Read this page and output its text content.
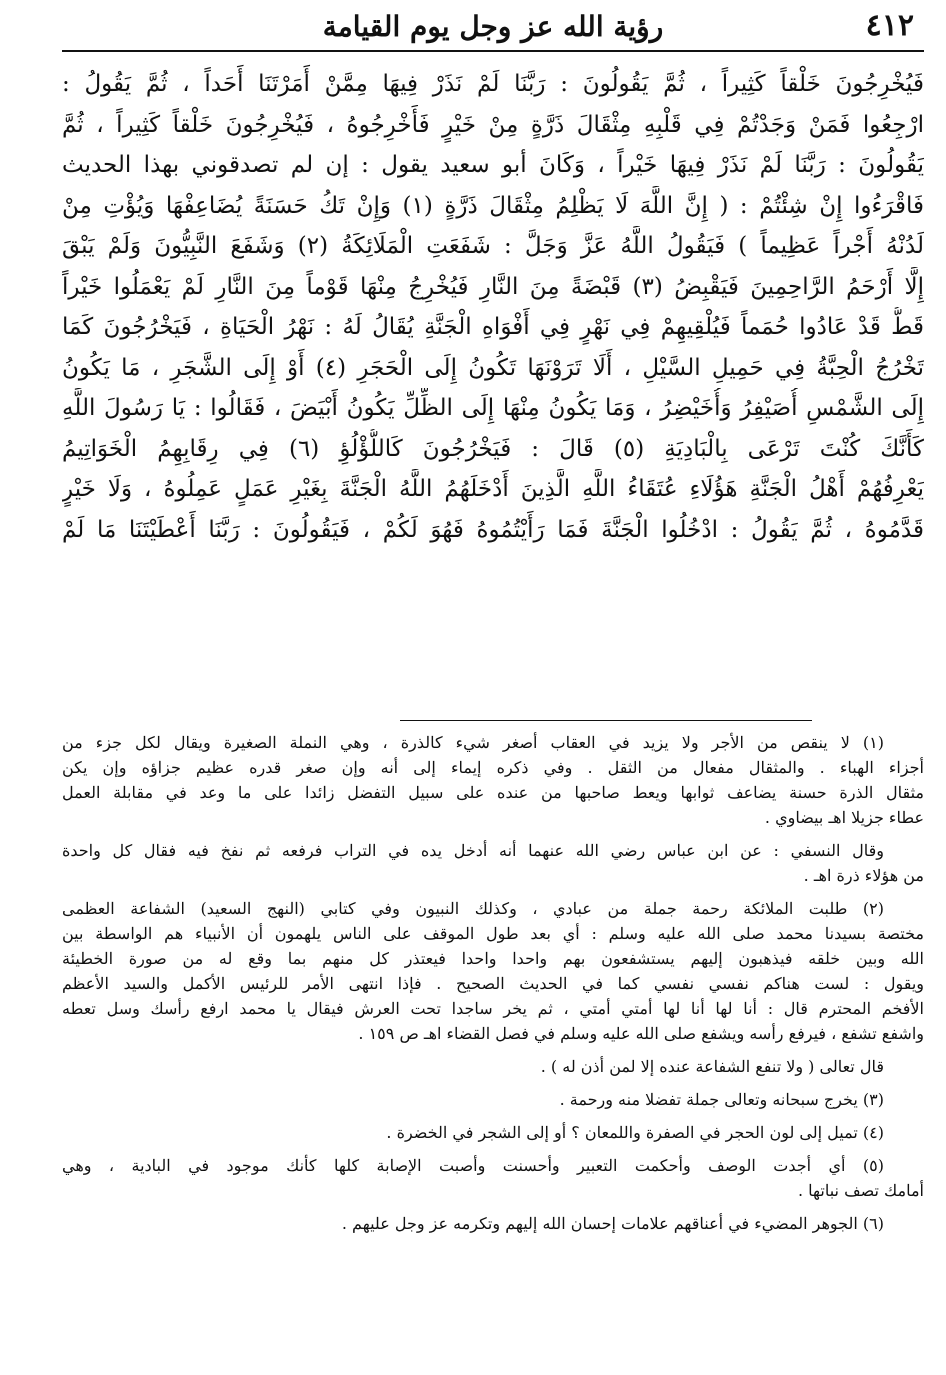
٤١٢
رؤية الله عز وجل يوم القيامة
فَيُخْرِجُونَ خَلْقاً كَثِيراً ، ثُمَّ يَقُولُونَ : رَبَّنَا لَمْ نَذَرْ فِيهَا مِمَّنْ أَمَرْتَنَا أَحَداً ، ثُمَّ يَقُولُ :
ارْجِعُوا فَمَنْ وَجَدْتُمْ فِي قَلْبِهِ مِثْقَالَ ذَرَّةٍ مِنْ خَيْرٍ فَأَخْرِجُوهُ ، فَيُخْرِجُونَ خَلْقاً كَثِيراً ، ثُمَّ
يَقُولُونَ : رَبَّنَا لَمْ نَذَرْ فِيهَا خَيْراً ، وَكَانَ أبو سعيد يقول : إن لم تصدقوني بهذا الحديث
فَاقْرَءُوا إِنْ شِئْتُمْ : ( إِنَّ اللَّهَ لَا يَظْلِمُ مِثْقَالَ ذَرَّةٍ (١) وَإِنْ تَكُ حَسَنَةً يُضَاعِفْهَا وَيُؤْتِ مِنْ
لَدُنْهُ أَجْراً عَظِيماً ) فَيَقُولُ اللَّهُ عَزَّ وَجَلَّ : شَفَعَتِ الْمَلَائِكَةُ (٢) وَشَفَعَ النَّبِيُّونَ وَلَمْ يَبْقَ
إِلَّا أَرْحَمُ الرَّاحِمِينَ فَيَقْبِضُ (٣) قَبْضَةً مِنَ النَّارِ فَيُخْرِجُ مِنْهَا قَوْماً مِنَ النَّارِ لَمْ يَعْمَلُوا خَيْراً
قَطُّ قَدْ عَادُوا حُمَماً فَيُلْقِيهِمْ فِي نَهْرٍ فِي أَفْوَاهِ الْجَنَّةِ يُقَالُ لَهُ : نَهْرُ الْحَيَاةِ ، فَيَخْرُجُونَ كَمَا
تَخْرُجُ الْحِبَّةُ فِي حَمِيلِ السَّيْلِ ، أَلَا تَرَوْنَهَا تَكُونُ إِلَى الْحَجَرِ (٤) أَوْ إِلَى الشَّجَرِ ، مَا يَكُونُ
إِلَى الشَّمْسِ أُصَيْفِرُ وَأُخَيْضِرُ ، وَمَا يَكُونُ مِنْهَا إِلَى الظِّلِّ يَكُونُ أَبْيَضَ ، فَقَالُوا : يَا رَسُولَ اللَّهِ
كَأَنَّكَ كُنْتَ تَرْعَى بِالْبَادِيَةِ (٥) قَالَ : فَيَخْرُجُونَ كَاللُّؤْلُؤِ (٦) فِي رِقَابِهِمُ الْخَوَاتِيمُ
يَعْرِفُهُمْ أَهْلُ الْجَنَّةِ هَؤُلَاءِ عُتَقَاءُ اللَّهِ الَّذِينَ أَدْخَلَهُمُ اللَّهُ الْجَنَّةَ بِغَيْرِ عَمَلٍ عَمِلُوهُ ، وَلَا خَيْرٍ
قَدَّمُوهُ ، ثُمَّ يَقُولُ : ادْخُلُوا الْجَنَّةَ فَمَا رَأَيْتُمُوهُ فَهُوَ لَكُمْ ، فَيَقُولُونَ : رَبَّنَا أَعْطَيْتَنَا مَا لَمْ
(١) لا ينقص من الأجر ولا يزيد في العقاب أصغر شيء كالذرة ، وهي النملة الصغيرة ويقال لكل جزء من
أجزاء الهباء . والمثقال مفعال من الثقل . وفي ذكره إيماء إلى أنه وإن صغر قدره عظيم جزاؤه وإن يكن
مثقال الذرة حسنة يضاعف ثوابها ويعط صاحبها من عنده على سبيل التفضل زائدا على ما وعد في مقابلة العمل
عطاء جزيلا اهـ بيضاوي .
وقال النسفي : عن ابن عباس رضي الله عنهما أنه أدخل يده في التراب فرفعه ثم نفخ فيه فقال كل واحدة
من هؤلاء ذرة اهـ .
(٢) طلبت الملائكة رحمة جملة من عبادي ، وكذلك النبيون وفي كتابي (النهج السعيد) الشفاعة العظمى
مختصة بسيدنا محمد صلى الله عليه وسلم : أي بعد طول الموقف على الناس يلهمون أن الأنبياء هم الواسطة بين
الله وبين خلقه فيذهبون إليهم يستشفعون بهم واحدا واحدا فيعتذر كل منهم بما وقع له من صورة الخطيئة
ويقول : لست هناكم نفسي نفسي كما في الحديث الصحيح . فإذا انتهى الأمر للرئيس الأكمل والسيد الأعظم
الأفخم المحترم قال : أنا لها أنا لها أمتي أمتي ، ثم يخر ساجدا تحت العرش فيقال يا محمد ارفع رأسك وسل تعطه
واشفع تشفع ، فيرفع رأسه ويشفع صلى الله عليه وسلم في فصل القضاء اهـ ص ١٥٩ .
قال تعالى ( ولا تنفع الشفاعة عنده إلا لمن أذن له ) .
(٣) يخرج سبحانه وتعالى جملة تفضلا منه ورحمة .
(٤) تميل إلى لون الحجر في الصفرة واللمعان ؟ أو إلى الشجر في الخضرة .
(٥) أي أجدت الوصف وأحكمت التعبير وأحسنت وأصبت الإصابة كلها كأنك موجود في البادية ، وهي
أمامك تصف نباتها .
(٦) الجوهر المضيء في أعناقهم علامات إحسان الله إليهم وتكرمه عز وجل عليهم .
